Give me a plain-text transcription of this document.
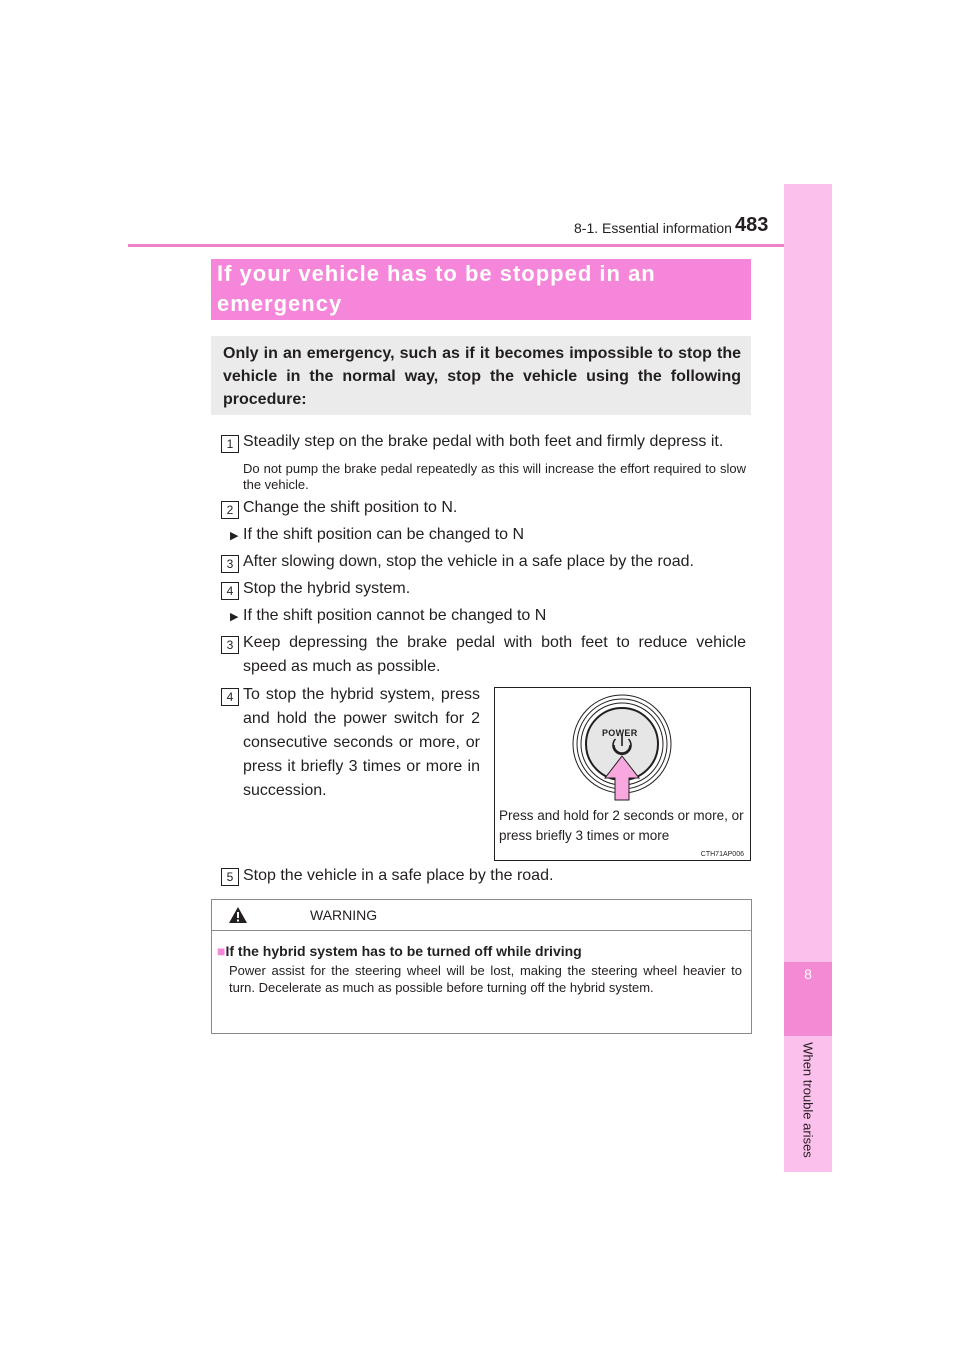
8-1. Essential information 483
8
When trouble arises
If your vehicle has to be stopped in an emergency
Only in an emergency, such as if it becomes impossible to stop the vehicle in the normal way, stop the vehicle using the following procedure:
1 Steadily step on the brake pedal with both feet and firmly depress it.
Do not pump the brake pedal repeatedly as this will increase the effort required to slow the vehicle.
2 Change the shift position to N.
▶ If the shift position can be changed to N
3 After slowing down, stop the vehicle in a safe place by the road.
4 Stop the hybrid system.
▶ If the shift position cannot be changed to N
3 Keep depressing the brake pedal with both feet to reduce vehicle speed as much as possible.
4 To stop the hybrid system, press and hold the power switch for 2 consecutive seconds or more, or press it briefly 3 times or more in succession.
POWER
Press and hold for 2 seconds or more, or press briefly 3 times or more
CTH71AP006
5 Stop the vehicle in a safe place by the road.
WARNING
■If the hybrid system has to be turned off while driving
Power assist for the steering wheel will be lost, making the steering wheel heavier to turn. Decelerate as much as possible before turning off the hybrid system.
